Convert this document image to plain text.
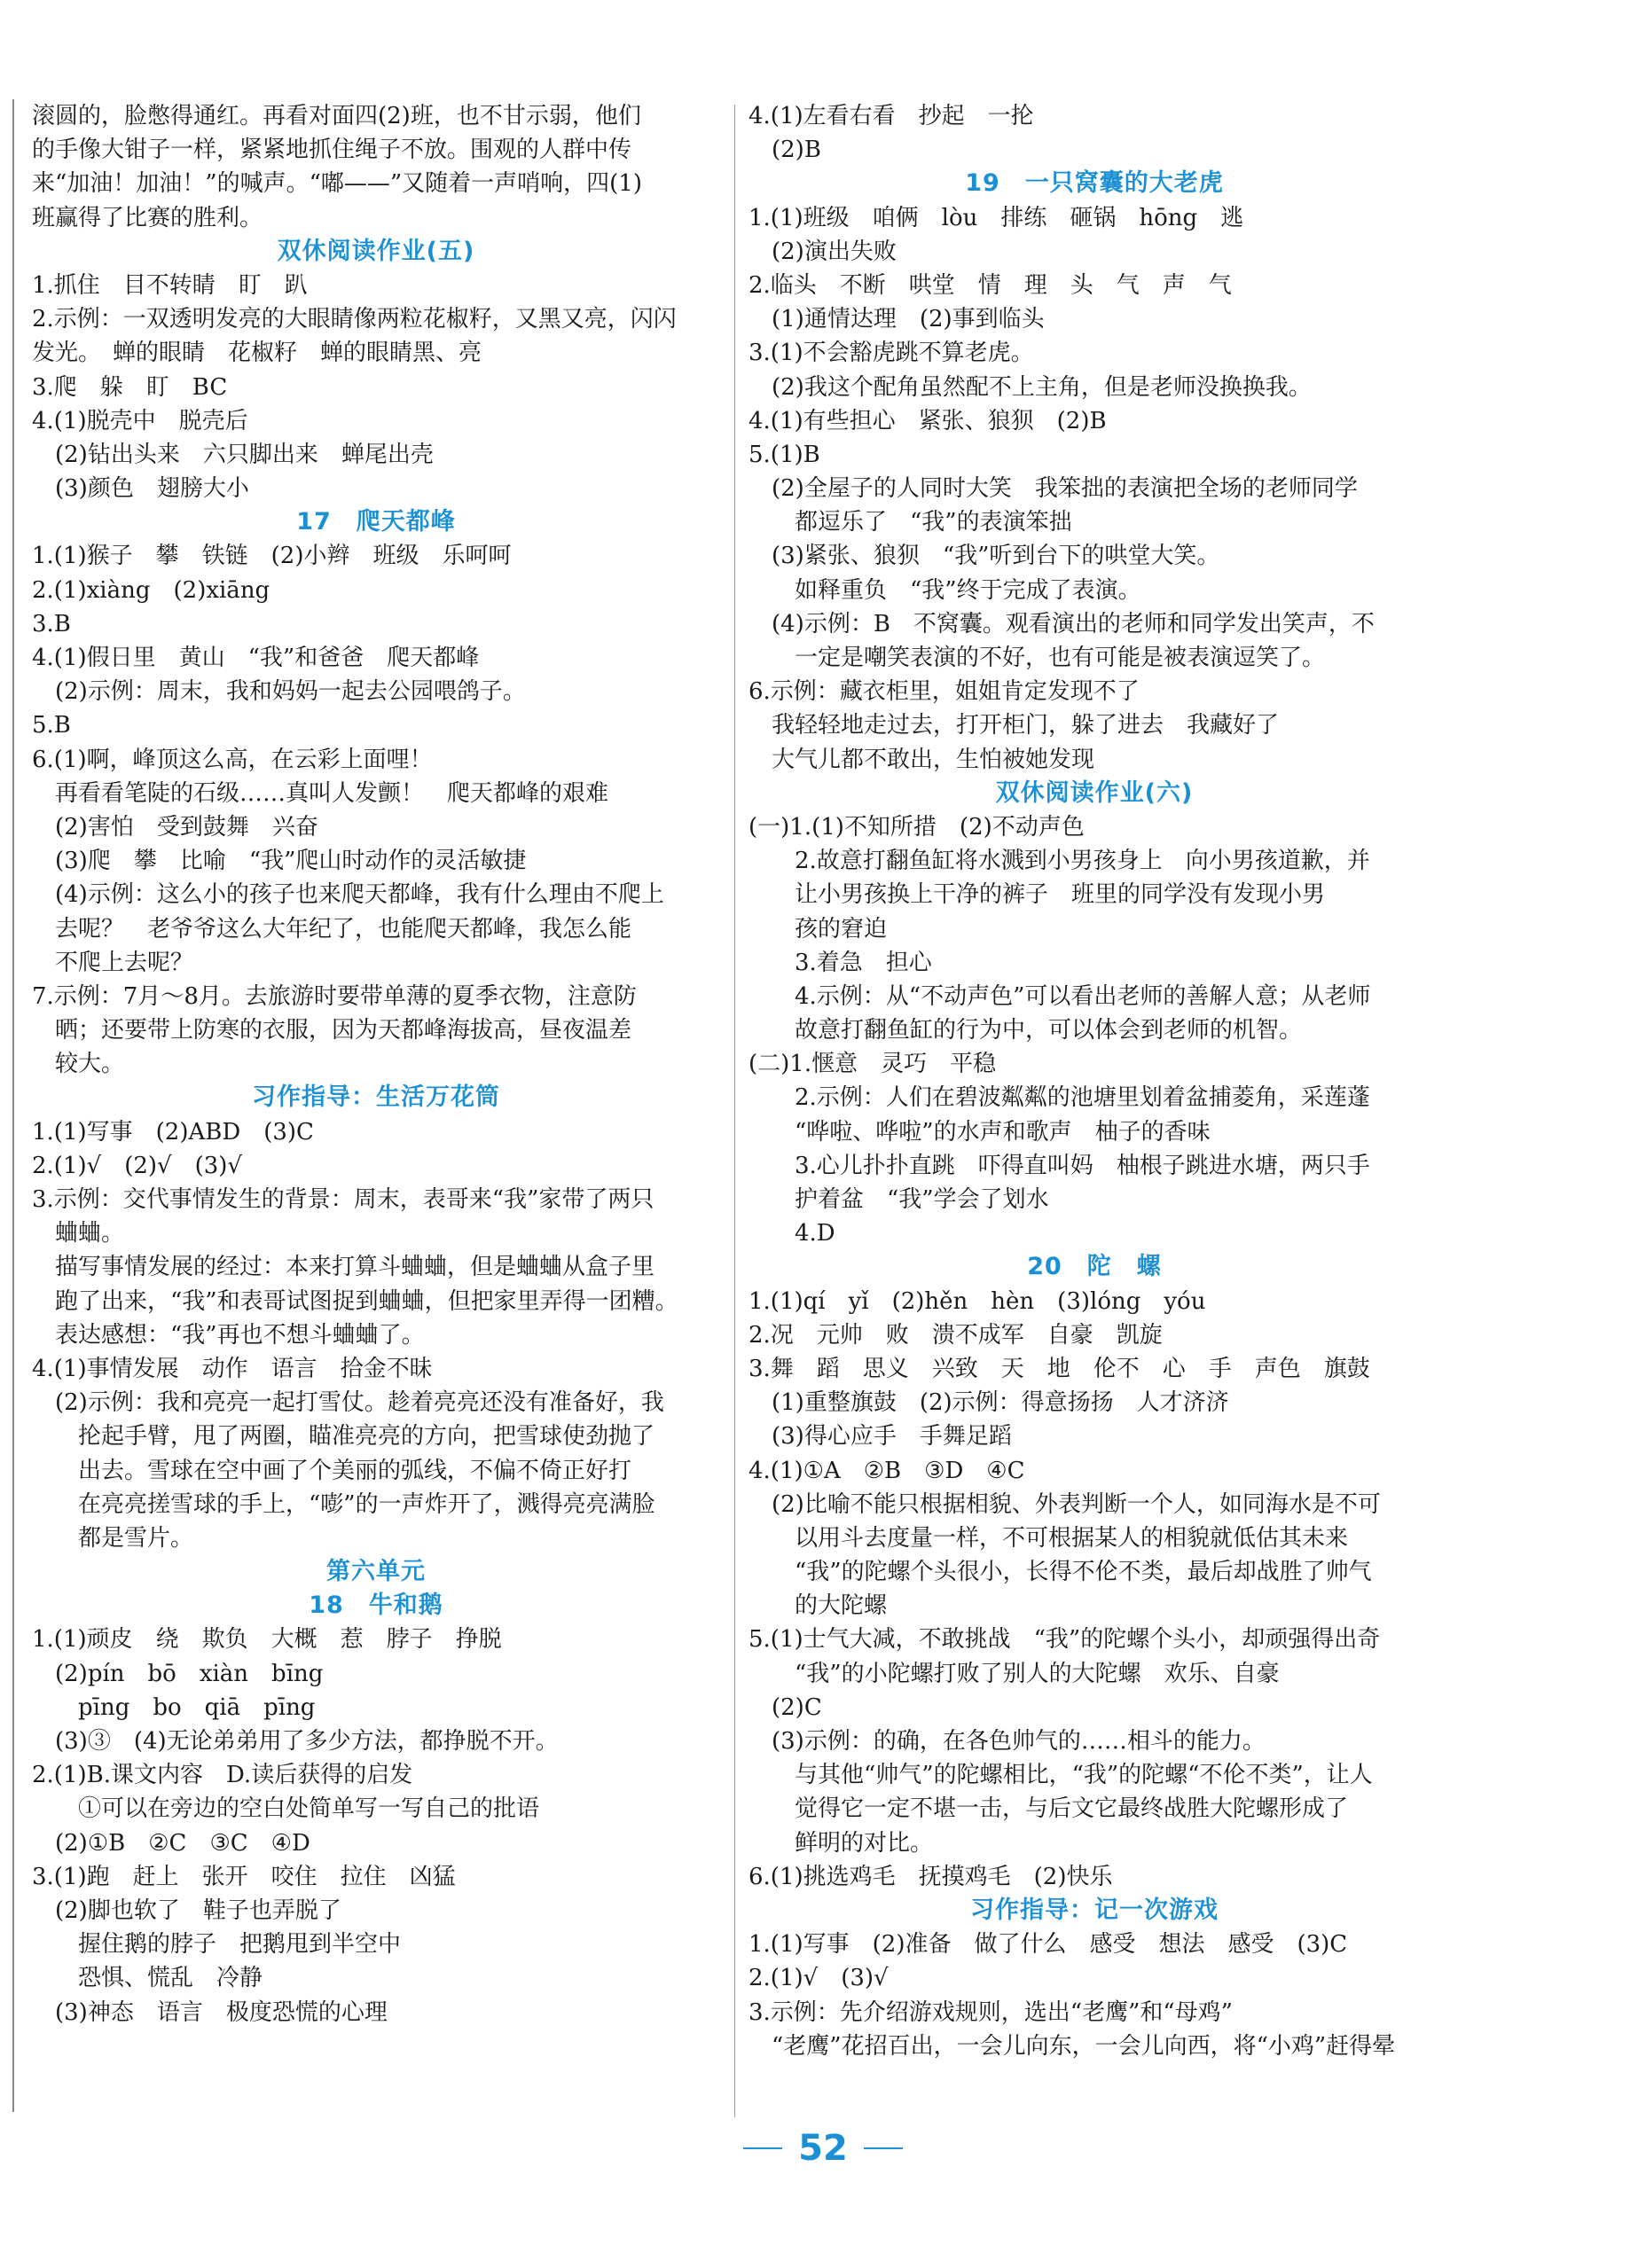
滚圆的，脸憋得通红。再看对面四(2)班，也不甘示弱，他们
的手像大钳子一样，紧紧地抓住绳子不放。围观的人群中传
来“加油！加油！”的喊声。“嘟——”又随着一声哨响，四(1)
班赢得了比赛的胜利。
双休阅读作业(五)
1.抓住　目不转睛　盯　趴
2.示例：一双透明发亮的大眼睛像两粒花椒籽，又黑又亮，闪闪
发光。　蝉的眼睛　花椒籽　蝉的眼睛黑、亮
3.爬　躲　盯　BC
4.(1)脱壳中　脱壳后
(2)钻出头来　六只脚出来　蝉尾出壳
(3)颜色　翅膀大小
17　爬天都峰
1.(1)猴子　攀　铁链　(2)小辫　班级　乐呵呵
2.(1)xiàng　(2)xiāng
3.B
4.(1)假日里　黄山　“我”和爸爸　爬天都峰
(2)示例：周末，我和妈妈一起去公园喂鸽子。
5.B
6.(1)啊，峰顶这么高，在云彩上面哩！
再看看笔陡的石级……真叫人发颤！　爬天都峰的艰难
(2)害怕　受到鼓舞　兴奋
(3)爬　攀　比喻　“我”爬山时动作的灵活敏捷
(4)示例：这么小的孩子也来爬天都峰，我有什么理由不爬上
去呢？　老爷爷这么大年纪了，也能爬天都峰，我怎么能
不爬上去呢？
7.示例：7月～8月。去旅游时要带单薄的夏季衣物，注意防
晒；还要带上防寒的衣服，因为天都峰海拔高，昼夜温差
较大。
习作指导：生活万花筒
1.(1)写事　(2)ABD　(3)C
2.(1)√　(2)√　(3)√
3.示例：交代事情发生的背景：周末，表哥来“我”家带了两只
蛐蛐。
描写事情发展的经过：本来打算斗蛐蛐，但是蛐蛐从盒子里
跑了出来，“我”和表哥试图捉到蛐蛐，但把家里弄得一团糟。
表达感想：“我”再也不想斗蛐蛐了。
4.(1)事情发展　动作　语言　拾金不昧
(2)示例：我和亮亮一起打雪仗。趁着亮亮还没有准备好，我
抡起手臂，甩了两圈，瞄准亮亮的方向，把雪球使劲抛了
出去。雪球在空中画了个美丽的弧线，不偏不倚正好打
在亮亮搓雪球的手上，“嘭”的一声炸开了，溅得亮亮满脸
都是雪片。
第六单元
18　牛和鹅
1.(1)顽皮　绕　欺负　大概　惹　脖子　挣脱
(2)pín　bō　xiàn　bīng
pīng　bo　qiā　pīng
(3)③　(4)无论弟弟用了多少方法，都挣脱不开。
2.(1)B.课文内容　D.读后获得的启发
①可以在旁边的空白处简单写一写自己的批语
(2)①B　②C　③C　④D
3.(1)跑　赶上　张开　咬住　拉住　凶猛
(2)脚也软了　鞋子也弄脱了
握住鹅的脖子　把鹅甩到半空中
恐惧、慌乱　冷静
(3)神态　语言　极度恐慌的心理
4.(1)左看右看　抄起　一抡
(2)B
19　一只窝囊的大老虎
1.(1)班级　咱俩　lòu　排练　砸锅　hōng　逃
(2)演出失败
2.临头　不断　哄堂　情　理　头　气　声　气
(1)通情达理　(2)事到临头
3.(1)不会豁虎跳不算老虎。
(2)我这个配角虽然配不上主角，但是老师没换换我。
4.(1)有些担心　紧张、狼狈　(2)B
5.(1)B
(2)全屋子的人同时大笑　我笨拙的表演把全场的老师同学
都逗乐了　“我”的表演笨拙
(3)紧张、狼狈　“我”听到台下的哄堂大笑。
如释重负　“我”终于完成了表演。
(4)示例：B　不窝囊。观看演出的老师和同学发出笑声，不
一定是嘲笑表演的不好，也有可能是被表演逗笑了。
6.示例：藏衣柜里，姐姐肯定发现不了
我轻轻地走过去，打开柜门，躲了进去　我藏好了
大气儿都不敢出，生怕被她发现
双休阅读作业(六)
(一)1.(1)不知所措　(2)不动声色
2.故意打翻鱼缸将水溅到小男孩身上　向小男孩道歉，并
让小男孩换上干净的裤子　班里的同学没有发现小男
孩的窘迫
3.着急　担心
4.示例：从“不动声色”可以看出老师的善解人意；从老师
故意打翻鱼缸的行为中，可以体会到老师的机智。
(二)1.惬意　灵巧　平稳
2.示例：人们在碧波粼粼的池塘里划着盆捕菱角，采莲蓬
“哗啦、哗啦”的水声和歌声　柚子的香味
3.心儿扑扑直跳　吓得直叫妈　柚根子跳进水塘，两只手
护着盆　“我”学会了划水
4.D
20　陀　螺
1.(1)qí　yǐ　(2)hěn　hèn　(3)lóng　yóu
2.况　元帅　败　溃不成军　自豪　凯旋
3.舞　蹈　思义　兴致　天　地　伦不　心　手　声色　旗鼓
(1)重整旗鼓　(2)示例：得意扬扬　人才济济
(3)得心应手　手舞足蹈
4.(1)①A　②B　③D　④C
(2)比喻不能只根据相貌、外表判断一个人，如同海水是不可
以用斗去度量一样，不可根据某人的相貌就低估其未来
“我”的陀螺个头很小，长得不伦不类，最后却战胜了帅气
的大陀螺
5.(1)士气大减，不敢挑战　“我”的陀螺个头小，却顽强得出奇
“我”的小陀螺打败了别人的大陀螺　欢乐、自豪
(2)C
(3)示例：的确，在各色帅气的……相斗的能力。
与其他“帅气”的陀螺相比，“我”的陀螺“不伦不类”，让人
觉得它一定不堪一击，与后文它最终战胜大陀螺形成了
鲜明的对比。
6.(1)挑选鸡毛　抚摸鸡毛　(2)快乐
习作指导：记一次游戏
1.(1)写事　(2)准备　做了什么　感受　想法　感受　(3)C
2.(1)√　(3)√
3.示例：先介绍游戏规则，选出“老鹰”和“母鸡”
“老鹰”花招百出，一会儿向东，一会儿向西，将“小鸡”赶得晕
52
